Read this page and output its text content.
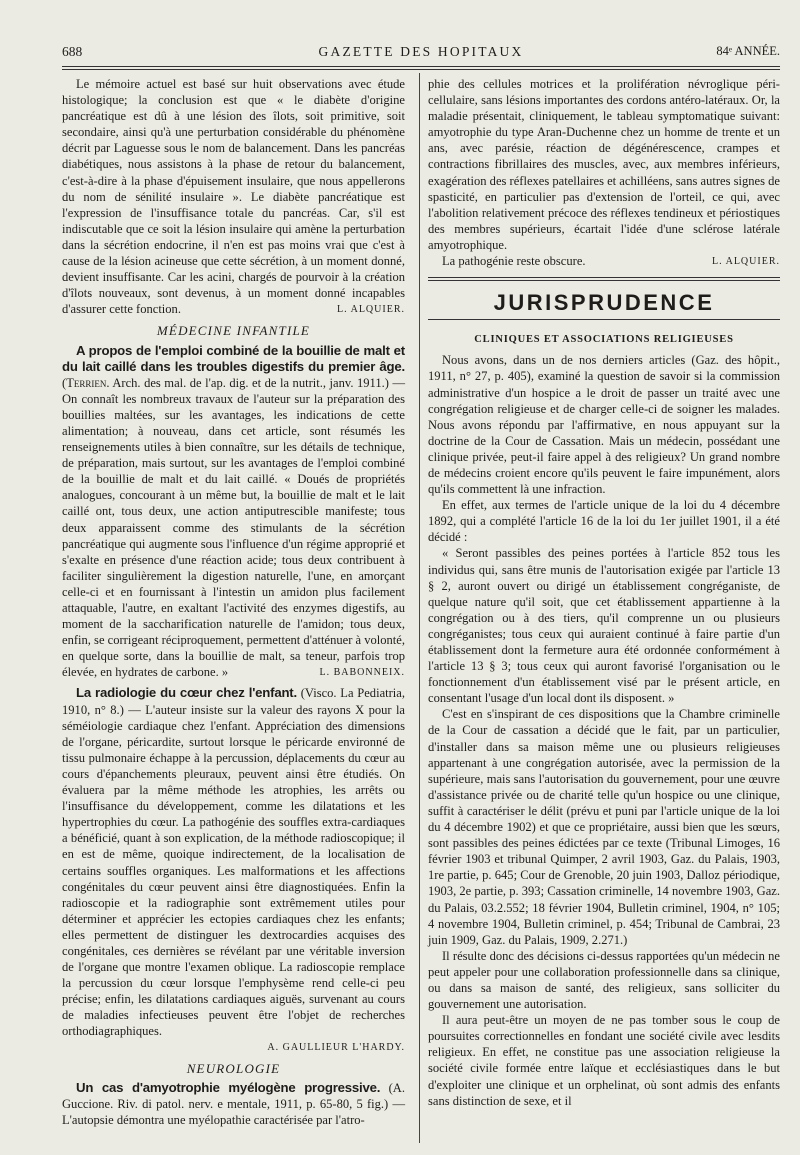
GAZETTE DES HOPITAUX
688	84ᵉ ANNÉE.

Le mémoire actuel est basé sur huit observations avec étude histologique; la conclusion est que « le diabète d'origine pancréatique est dû à une lésion des îlots, soit primitive, soit secondaire, ainsi qu'à une perturbation considérable du phénomène décrit par Laguesse sous le nom de balancement. Dans les pancréas diabétiques, nous assistons à la phase de retour du balancement, c'est-à-dire à la phase d'épuisement insulaire, que nous appellerons du nom de sénilité insulaire ». Le diabète pancréatique est l'expression de l'insuffisance totale du pancréas. Car, s'il est indiscutable que ce soit la lésion insulaire qui amène la perturbation dans la sécrétion endocrine, il n'en est pas moins vrai que c'est à cause de la lésion acineuse que cette sécrétion, à un moment donné, devient insuffisante. Car les acini, chargés de pourvoir à la création d'îlots nouveaux, sont devenus, à un moment donné incapables d'assurer cette fonction.	L. ALQUIER.

MÉDECINE INFANTILE

A propos de l'emploi combiné de la bouillie de malt et du lait caillé dans les troubles digestifs du premier âge. (Terrien. Arch. des mal. de l'ap. dig. et de la nutrit., janv. 1911.) — On connaît les nombreux travaux de l'auteur sur la préparation des bouillies maltées, sur les avantages, les indications de cette alimentation; à nouveau, dans cet article, sont résumés les renseignements utiles à bien connaître, sur les détails de technique, de préparation, mais surtout, sur les avantages de l'emploi combiné de la bouillie de malt et du lait caillé. « Doués de propriétés analogues, concourant à un même but, la bouillie de malt et le lait caillé ont, tous deux, une action antiputrescible manifeste; tous deux apparaissent comme des stimulants de la sécrétion pancréatique qui augmente sous l'influence d'un régime approprié et s'exalte en présence d'une réaction acide; tous deux contribuent à faciliter singulièrement la digestion naturelle, l'une, en amorçant celle-ci et en fournissant à l'intestin un amidon plus facilement attaquable, l'autre, en exaltant l'activité des enzymes digestifs, au moment de la saccharification naturelle de l'amidon; tous deux, enfin, se corrigeant réciproquement, permettent d'atténuer à volonté, en quelque sorte, dans la bouillie de malt, sa teneur, parfois trop élevée, en hydrates de carbone. »	L. BABONNEIX.

La radiologie du cœur chez l'enfant. (Visco. La Pediatria, 1910, n° 8.) — L'auteur insiste sur la valeur des rayons X pour la séméiologie cardiaque chez l'enfant. Appréciation des dimensions de l'organe, péricardite, surtout lorsque le péricarde environné de tissu pulmonaire échappe à la percussion, déplacements du cœur au cours d'épanchements pleuraux, peuvent ainsi être étudiés. On évaluera par la même méthode les atrophies, les arrêts ou l'insuffisance du développement, comme les dilatations et les hypertrophies du cœur. La pathogénie des souffles extra-cardiaques a bénéficié, quant à son explication, de la méthode radioscopique; il en est de même, quoique indirectement, de la localisation de certains souffles organiques. Les malformations et les affections congénitales du cœur peuvent ainsi être diagnostiquées. Enfin la radioscopie et la radiographie sont extrêmement utiles pour déterminer et apprécier les ectopies cardiaques chez les enfants; elles permettent de distinguer les dextrocardies acquises des congénitales, ces dernières se révélant par une véritable inversion de l'organe que montre l'examen oblique. La radioscopie remplace la percussion du cœur lorsque l'emphysème rend celle-ci peu précise; enfin, les dilatations cardiaques aiguës, survenant au cours de maladies infectieuses peuvent être l'objet de recherches orthodiagraphiques.

A. GAULLIEUR L'HARDY.
NEUROLOGIE

Un cas d'amyotrophie myélogène progressive. (A. Guccione. Riv. di patol. nerv. e mentale, 1911, p. 65-80, 5 fig.) — L'autopsie démontra une myélopathie caractérisée par l'atro-

phie des cellules motrices et la prolifération névroglique péri-cellulaire, sans lésions importantes des cordons antéro-latéraux. Or, la maladie présentait, cliniquement, le tableau symptomatique suivant: amyotrophie du type Aran-Duchenne chez un homme de trente et un ans, avec parésie, réaction de dégénérescence, crampes et contractions fibrillaires des muscles, avec, aux membres inférieurs, exagération des réflexes patellaires et achilléens, sans autres signes de spasticité, en particulier pas d'extension de l'orteil, ce qui, avec l'abolition relativement précoce des réflexes tendineux et périostiques des membres supérieurs, écartait l'idée d'une sclérose latérale amyotrophique.

La pathogénie reste obscure.	L. ALQUIER.

JURISPRUDENCE
CLINIQUES ET ASSOCIATIONS RELIGIEUSES

Nous avons, dans un de nos derniers articles (Gaz. des hôpit., 1911, n° 27, p. 405), examiné la question de savoir si la commission administrative d'un hospice a le droit de passer un traité avec une congrégation religieuse et de charger celle-ci de soigner les malades. Nous avons répondu par l'affirmative, en nous appuyant sur la doctrine de la Cour de Cassation. Mais un médecin, possédant une clinique privée, peut-il faire appel à des religieux? Un grand nombre de médecins croient encore qu'ils peuvent le faire impunément, alors qu'ils commettent là une infraction.

En effet, aux termes de l'article unique de la loi du 4 décembre 1892, qui a complété l'article 16 de la loi du 1er juillet 1901, il a été décidé :

« Seront passibles des peines portées à l'article 852 tous les individus qui, sans être munis de l'autorisation exigée par l'article 13 § 2, auront ouvert ou dirigé un établissement congréganiste, de quelque nature qu'il soit, que cet établissement appartienne à la congrégation ou à des tiers, qu'il comprenne un ou plusieurs congréganistes; tous ceux qui auraient continué à faire partie d'un établissement dont la fermeture aura été ordonnée conformément à l'article 13 § 3; tous ceux qui auront favorisé l'organisation ou le fonctionnement d'un établissement visé par le présent article, en consentant l'usage d'un local dont ils disposent. »

C'est en s'inspirant de ces dispositions que la Chambre criminelle de la Cour de cassation a décidé que le fait, par un particulier, d'installer dans sa maison même une ou plusieurs religieuses appartenant à une congrégation autorisée, avec la permission de la supérieure, mais sans l'autorisation du gouvernement, pour une œuvre d'assistance privée ou de charité telle qu'un hospice ou une clinique, suffit à caractériser le délit (prévu et puni par l'article unique de la loi du 4 décembre 1902) et que ce propriétaire, aussi bien que les sœurs, sont passibles des peines édictées par ce texte (Tribunal Limoges, 16 février 1903 et tribunal Quimper, 2 avril 1903, Gaz. du Palais, 1903, 1re partie, p. 645; Cour de Grenoble, 20 juin 1903, Dalloz périodique, 1903, 2e partie, p. 393; Cassation criminelle, 14 novembre 1903, Gaz. du Palais, 03.2.552; 18 février 1904, Bulletin criminel, 1904, n° 105; 4 novembre 1904, Bulletin criminel, p. 454; Tribunal de Cambrai, 23 juin 1909, Gaz. du Palais, 1909, 2.271.)

Il résulte donc des décisions ci-dessus rapportées qu'un médecin ne peut appeler pour une collaboration professionnelle dans sa clinique, ou dans sa maison de santé, des religieux, sans solliciter du gouvernement une autorisation.

Il aura peut-être un moyen de ne pas tomber sous le coup de poursuites correctionnelles en fondant une société civile avec lesdits religieux. En effet, ne constitue pas une association religieuse la société civile formée entre laïque et ecclésiastiques dans le but d'exploiter une clinique et un orphelinat, où sont admis des enfants sans distinction de sexe, et il
